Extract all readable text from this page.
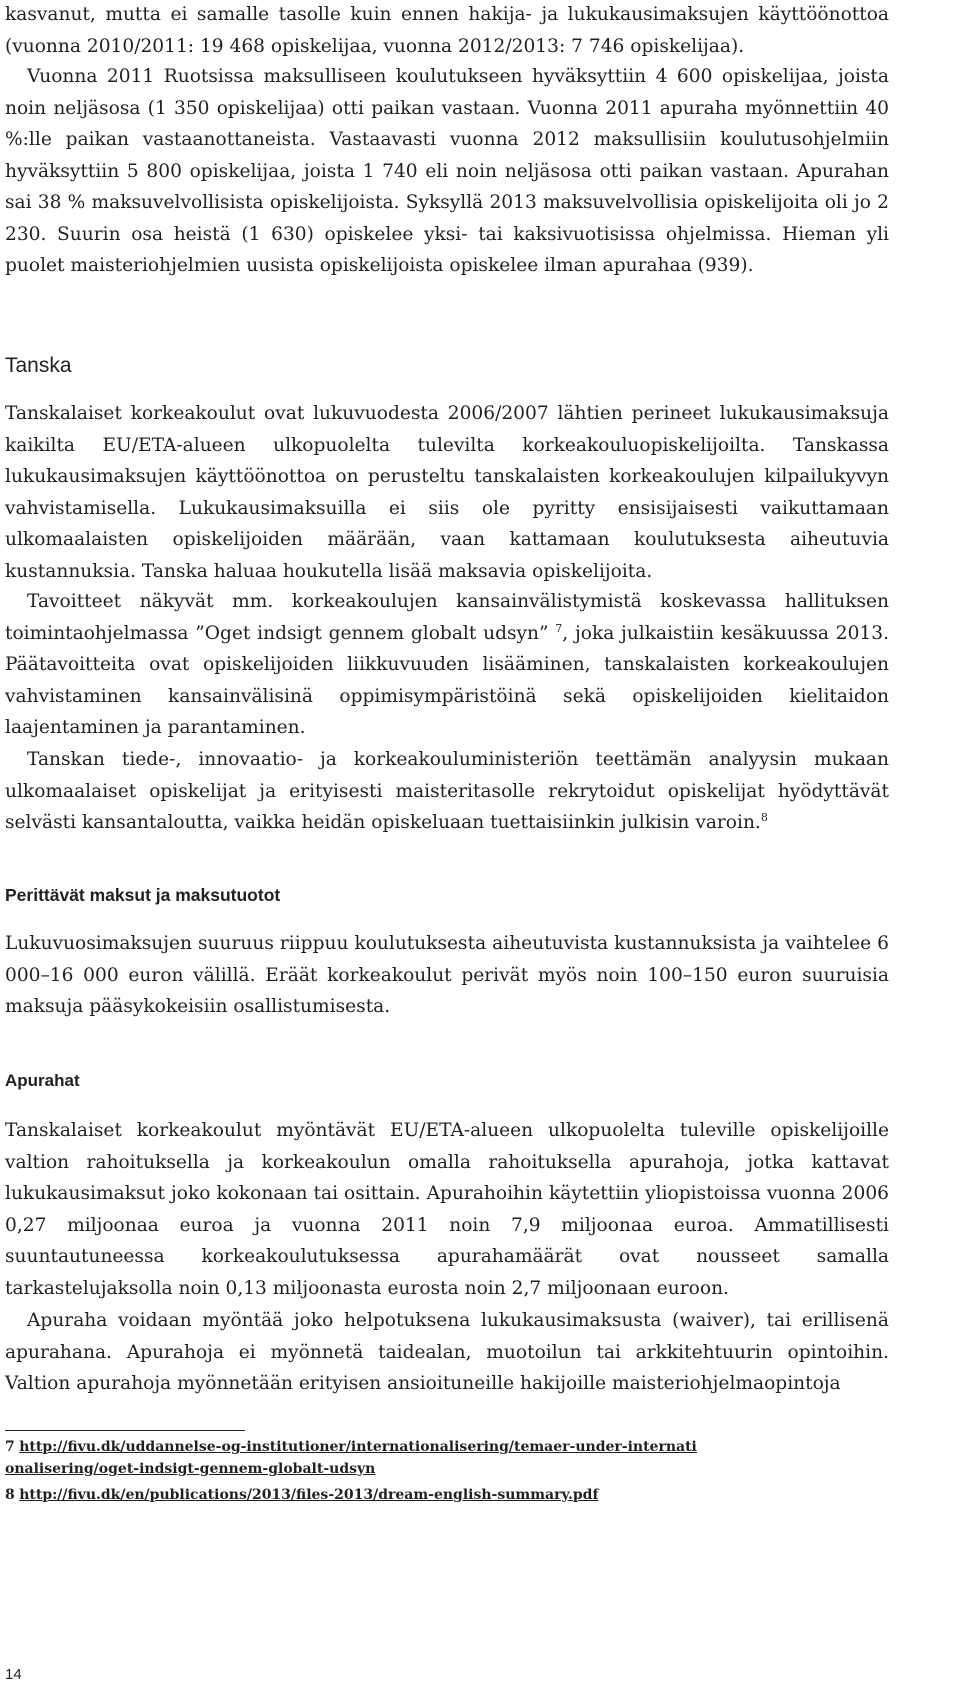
kasvanut, mutta ei samalle tasolle kuin ennen hakija- ja lukukausimaksujen käyttöönottoa (vuonna 2010/2011: 19 468 opiskelijaa, vuonna 2012/2013: 7 746 opiskelijaa).

Vuonna 2011 Ruotsissa maksulliseen koulutukseen hyväksyttiin 4 600 opiskelijaa, joista noin neljäsosa (1 350 opiskelijaa) otti paikan vastaan. Vuonna 2011 apuraha myönnettiin 40 %:lle paikan vastaanottaneista. Vastaavasti vuonna 2012 maksullisiin koulutusohjelmiin hyväksyttiin 5 800 opiskelijaa, joista 1 740 eli noin neljäsosa otti paikan vastaan. Apurahan sai 38 % maksuvelvollisista opiskelijoista. Syksyllä 2013 maksuvelvollisia opiskelijoita oli jo 2 230. Suurin osa heistä (1 630) opiskelee yksi- tai kaksivuotisissa ohjelmissa. Hieman yli puolet maisteriohjelmien uusista opiskelijoista opiskelee ilman apurahaa (939).

Tanska

Tanskalaiset korkeakoulut ovat lukuvuodesta 2006/2007 lähtien perineet lukukausimaksuja kaikilta EU/ETA-alueen ulkopuolelta tulevilta korkeakouluopiskelijoilta. Tanskassa lukukausimaksujen käyttöönottoa on perusteltu tanskalaisten korkeakoulujen kilpailukyvyn vahvistamisella. Lukukausimaksuilla ei siis ole pyritty ensisijaisesti vaikuttamaan ulkomaalaisten opiskelijoiden määrään, vaan kattamaan koulutuksesta aiheutuvia kustannuksia. Tanska haluaa houkutella lisää maksavia opiskelijoita.

Tavoitteet näkyvät mm. korkeakoulujen kansainvälistymistä koskevassa hallituksen toimintaohjelmassa ”Oget indsigt gennem globalt udsyn” $^7$, joka julkaistiin kesäkuussa 2013. Päätavoitteita ovat opiskelijoiden liikkuvuuden lisääminen, tanskalaisten korkeakoulujen vahvistaminen kansainvälisinä oppimisympäristöinä sekä opiskelijoiden kielitaidon laajentaminen ja parantaminen.

Tanskan tiede-, innovaatio- ja korkeakouluministeriön teettämän analyysin mukaan ulkomaalaiset opiskelijat ja erityisesti maisteritasolle rekrytoidut opiskelijat hyödyttävät selvästi kansantaloutta, vaikka heidän opiskeluaan tuettaisiinkin julkisin varoin.$^8$

Perittävät maksut ja maksutuotot

Lukuvuosimaksujen suuruus riippuu koulutuksesta aiheutuvista kustannuksista ja vaihtelee 6 000–16 000 euron välillä. Eräät korkeakoulut perivät myös noin 100–150 euron suuruisia maksuja pääsykokeisiin osallistumisesta.

Apurahat

Tanskalaiset korkeakoulut myöntävät EU/ETA-alueen ulkopuolelta tuleville opiskelijoille valtion rahoituksella ja korkeakoulun omalla rahoituksella apurahoja, jotka kattavat lukukausimaksut joko kokonaan tai osittain. Apurahoihin käytettiin yliopistoissa vuonna 2006 0,27 miljoonaa euroa ja vuonna 2011 noin 7,9 miljoonaa euroa. Ammatillisesti suuntautuneessa korkeakoulutuksessa apurahamäärät ovat nousseet samalla tarkastelujaksolla noin 0,13 miljoonasta eurosta noin 2,7 miljoonaan euroon.

Apuraha voidaan myöntää joko helpotuksena lukukausimaksusta (waiver), tai erillisenä apurahana. Apurahoja ei myönnetä taidealan, muotoilun tai arkkitehtuurin opintoihin. Valtion apurahoja myönnetään erityisen ansioituneille hakijoille maisteriohjelmaopintoja

7 http://fivu.dk/uddannelse-og-institutioner/internationalisering/temaer-under-internationalisering/oget-indsigt-gennem-globalt-udsyn

8 http://fivu.dk/en/publications/2013/files-2013/dream-english-summary.pdf

14
